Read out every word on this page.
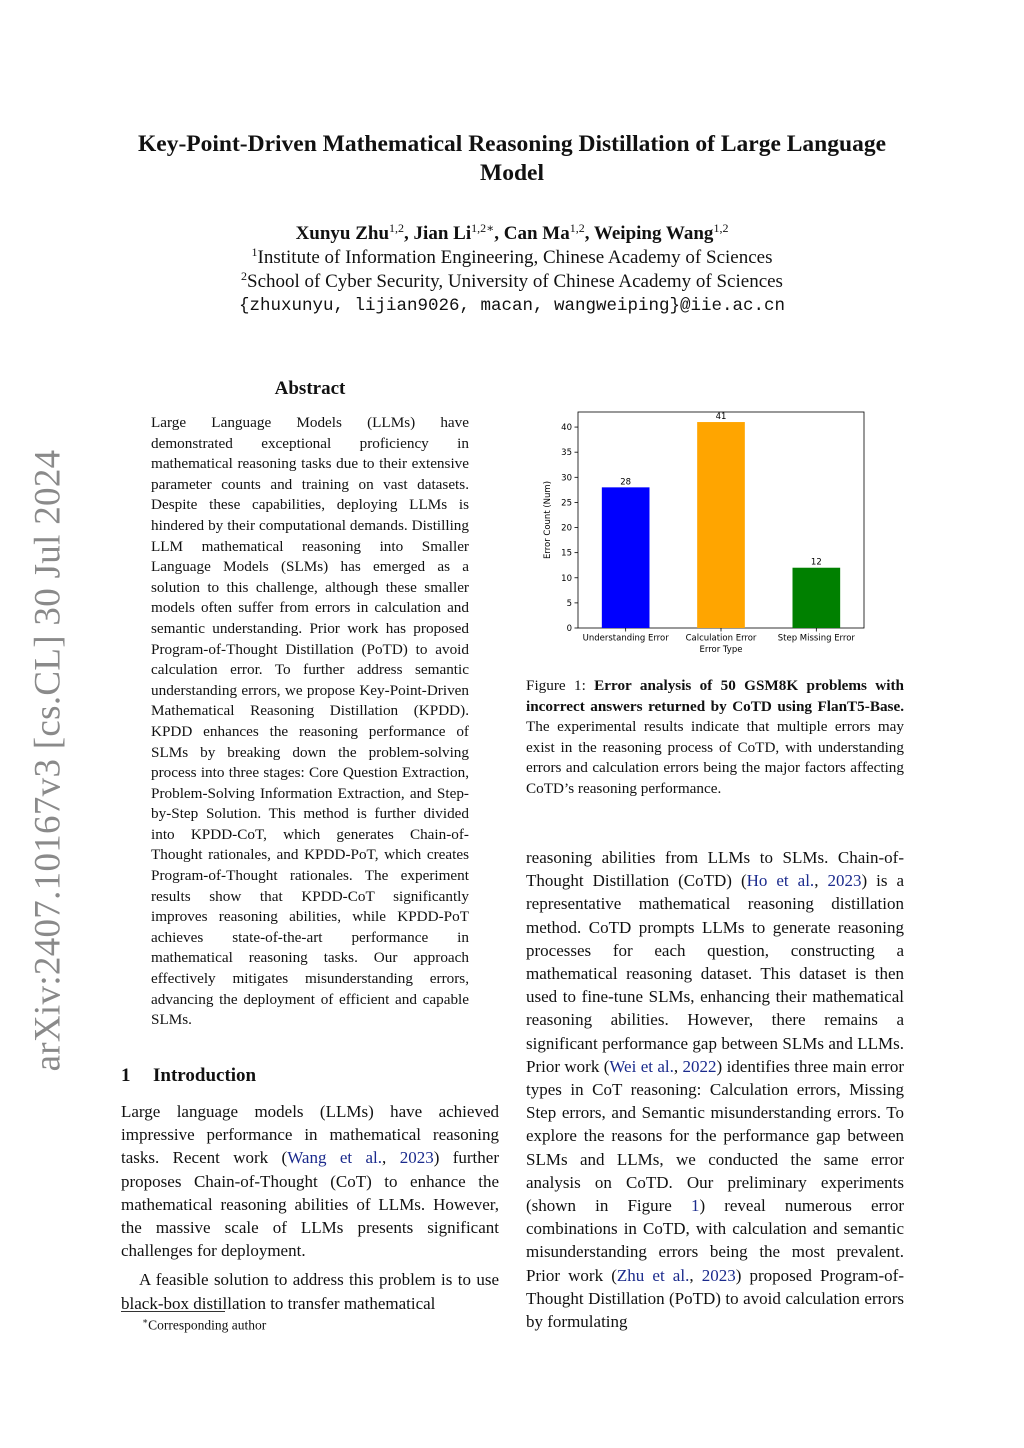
arXiv:2407.10167v3 [cs.CL] 30 Jul 2024
Key-Point-Driven Mathematical Reasoning Distillation of Large Language Model
Xunyu Zhu$^{1,2}$, Jian $Li^{1,2∗}$, Can Ma$^{1,2}$, Weiping Wang$^{1,2}$
$^1$Institute of Information Engineering, Chinese Academy of Sciences
$^2$School of Cyber Security, University of Chinese Academy of Sciences
{zhuxunyu, lijian9026, macan, wangweiping}@iie.ac.cn
Abstract

Large Language Models (LLMs) have demonstrated exceptional proficiency in mathematical reasoning tasks due to their extensive parameter counts and training on vast datasets. Despite these capabilities, deploying LLMs is hindered by their computational demands. Distilling LLM mathematical reasoning into Smaller Language Models (SLMs) has emerged as a solution to this challenge, although these smaller models often suffer from errors in calculation and semantic understanding. Prior work has proposed Program-of-Thought Distillation (PoTD) to avoid calculation error. To further address semantic understanding errors, we propose Key-Point-Driven Mathematical Reasoning Distillation (KPDD). KPDD enhances the reasoning performance of SLMs by breaking down the problem-solving process into three stages: Core Question Extraction, Problem-Solving Information Extraction, and Step-by-Step Solution. This method is further divided into KPDD-CoT, which generates Chain-of-Thought rationales, and KPDD-PoT, which creates Program-of-Thought rationales. The experiment results show that KPDD-CoT significantly improves reasoning abilities, while KPDD-PoT achieves state-of-the-art performance in mathematical reasoning tasks. Our approach effectively mitigates misunderstanding errors, advancing the deployment of efficient and capable SLMs.

1 Introduction

Large language models (LLMs) have achieved impressive performance in mathematical reasoning tasks. Recent work (Wang et al., 2023) further proposes Chain-of-Thought (CoT) to enhance the mathematical reasoning abilities of LLMs. However, the massive scale of LLMs presents significant challenges for deployment.

A feasible solution to address this problem is to use black-box distillation to transfer mathematical

∗Corresponding author

0
5
10
15
20
25
30
35
40
28
Understanding Error
41
Calculation Error
12
Step Missing Error
Error Type
Error Count (Num)

Figure 1: Error analysis of 50 GSM8K problems with incorrect answers returned by CoTD using FlanT5-Base. The experimental results indicate that multiple errors may exist in the reasoning process of CoTD, with understanding errors and calculation errors being the major factors affecting CoTD’s reasoning performance.

reasoning abilities from LLMs to SLMs. Chain-of-Thought Distillation (CoTD) (Ho et al., 2023) is a representative mathematical reasoning distillation method. CoTD prompts LLMs to generate reasoning processes for each question, constructing a mathematical reasoning dataset. This dataset is then used to fine-tune SLMs, enhancing their mathematical reasoning abilities. However, there remains a significant performance gap between SLMs and LLMs. Prior work (Wei et al., 2022) identifies three main error types in CoT reasoning: Calculation errors, Missing Step errors, and Semantic misunderstanding errors. To explore the reasons for the performance gap between SLMs and LLMs, we conducted the same error analysis on CoTD. Our preliminary experiments (shown in Figure 1) reveal numerous error combinations in CoTD, with calculation and semantic misunderstanding errors being the most prevalent. Prior work (Zhu et al., 2023) proposed Program-of-Thought Distillation (PoTD) to avoid calculation errors by formulating
